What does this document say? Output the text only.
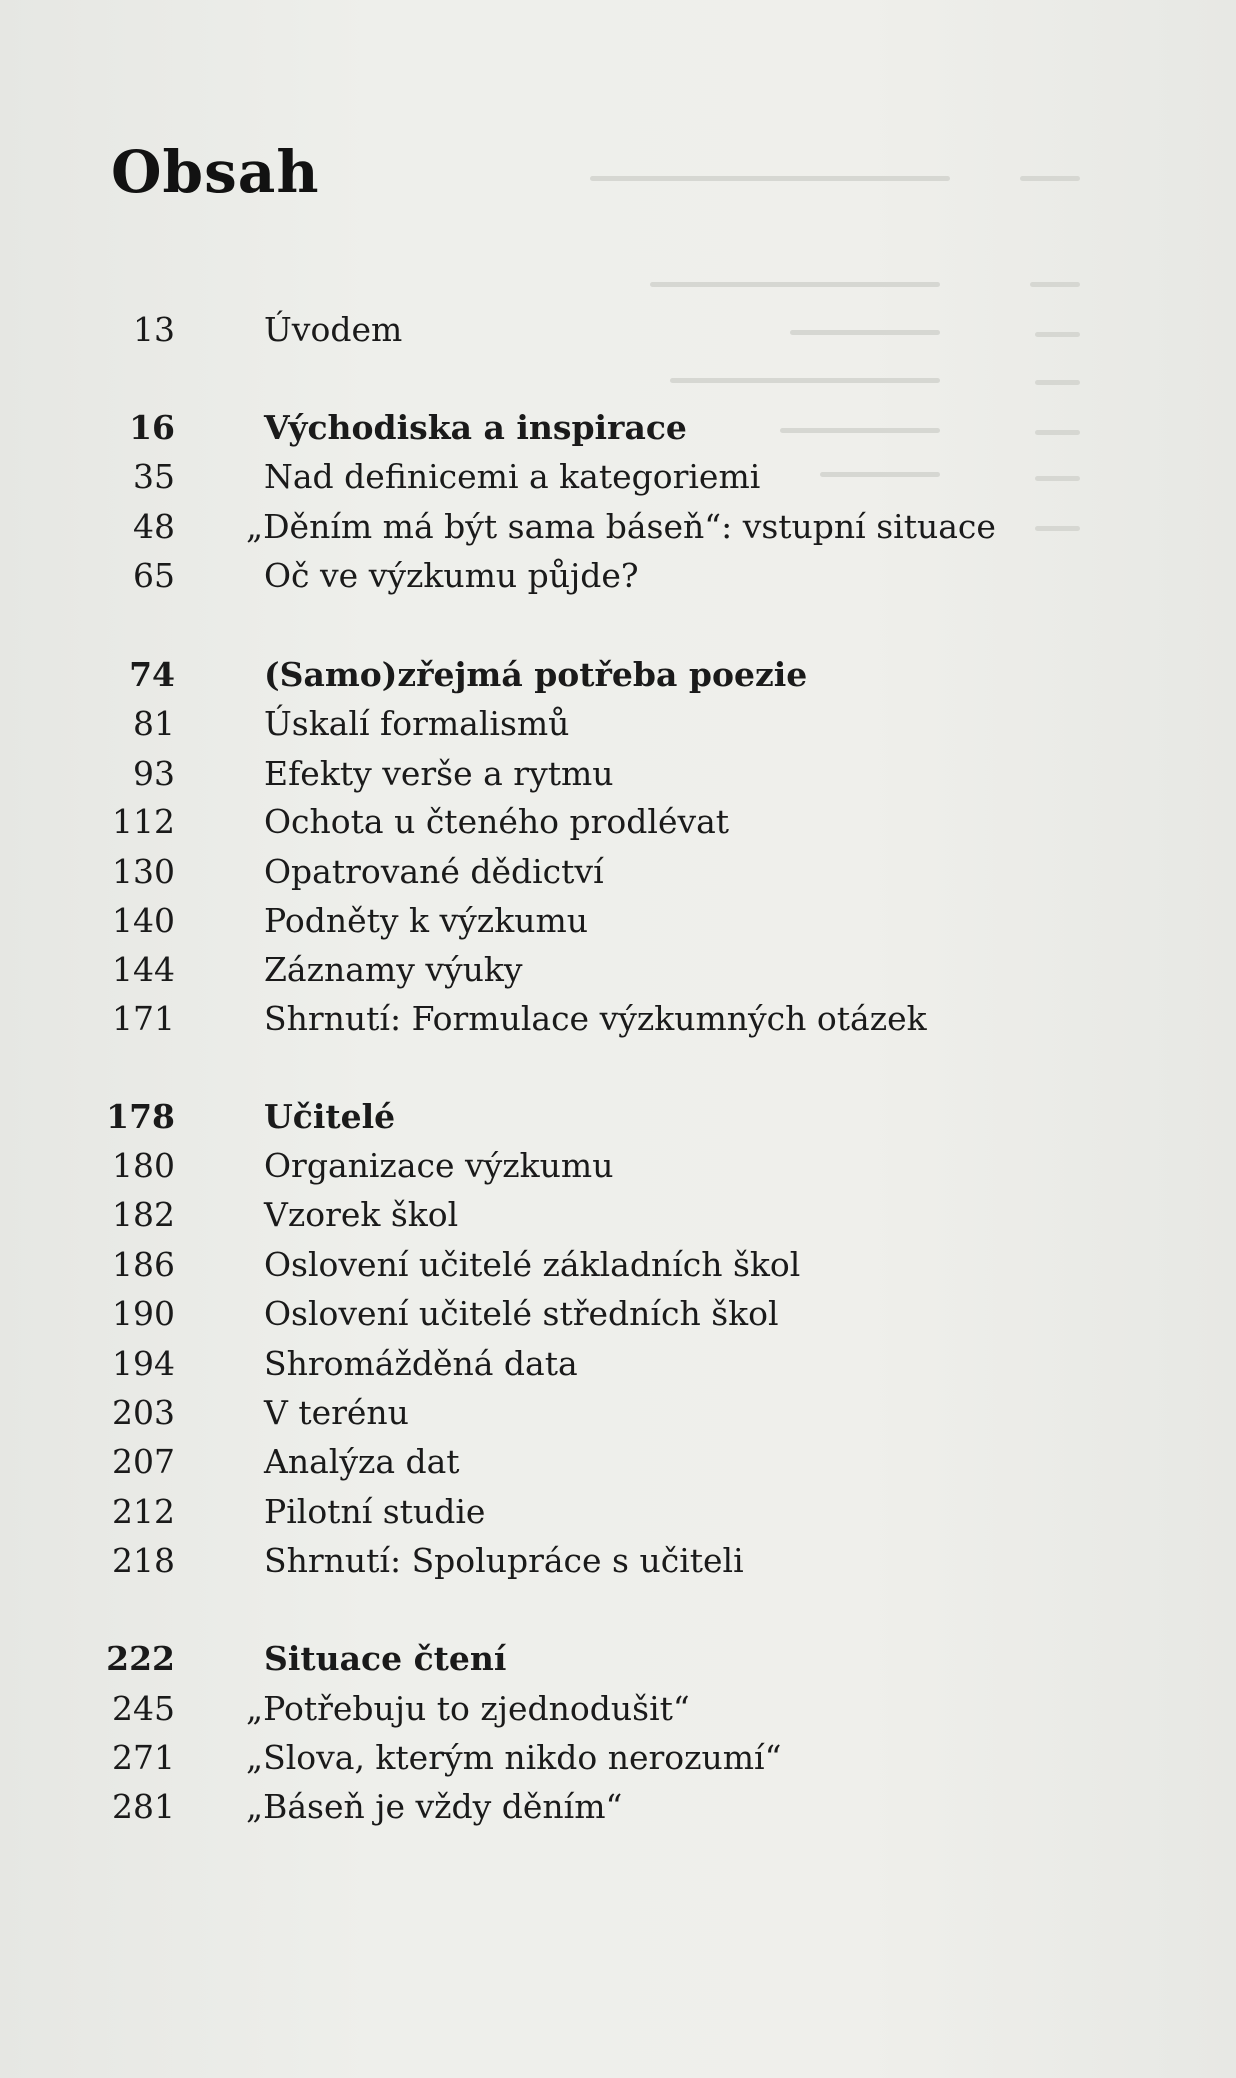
Obsah
13	Úvodem
16	Východiska a inspirace
35	Nad definicemi a kategoriemi
48 „Děním má být sama báseň“: vstupní situace
65	Oč ve výzkumu půjde?
74	(Samo)zřejmá potřeba poezie
81	Úskalí formalismů
93	Efekty verše a rytmu
112	Ochota u čteného prodlévat
130	Opatrované dědictví
140	Podněty k výzkumu
144	Záznamy výuky
171	Shrnutí: Formulace výzkumných otázek
178	Učitelé
180	Organizace výzkumu
182	Vzorek škol
186	Oslovení učitelé základních škol
190	Oslovení učitelé středních škol
194	Shromážděná data
203	V terénu
207	Analýza dat
212	Pilotní studie
218	Shrnutí: Spolupráce s učiteli
222	Situace čtení
245 „Potřebuju to zjednodušit“
271 „Slova, kterým nikdo nerozumí“
281 „Báseň je vždy děním“
